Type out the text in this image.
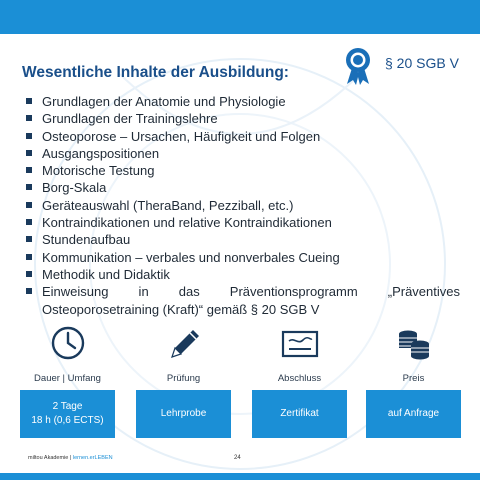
Wesentliche Inhalte der Ausbildung:
§ 20 SGB V
Grundlagen der Anatomie und Physiologie
Grundlagen der Trainingslehre
Osteoporose – Ursachen, Häufigkeit und Folgen
Ausgangspositionen
Motorische Testung
Borg-Skala
Geräteauswahl (TheraBand, Pezziball, etc.)
Kontraindikationen und relative Kontraindikationen
Stundenaufbau
Kommunikation – verbales und nonverbales Cueing
Methodik und Didaktik
Einweisung in das Präventionsprogramm „Präventives
Osteoporosetraining (Kraft)“ gemäß § 20 SGB V
Dauer | Umfang
2 Tage
18 h (0,6 ECTS)
Prüfung
Lehrprobe
Abschluss
Zertifikat
Preis
auf Anfrage
miltou Akademie | lernen.erLEBEN	24
